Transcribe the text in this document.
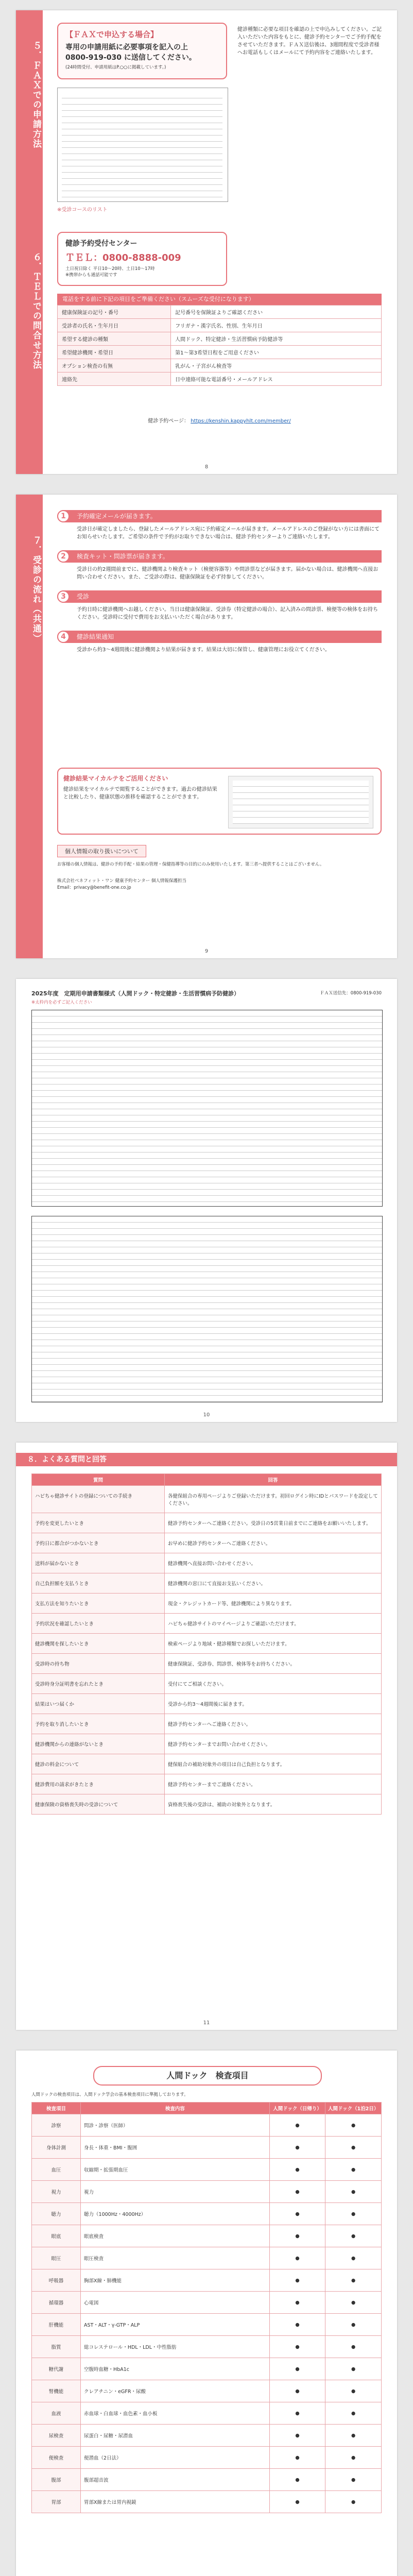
５．ＦＡＸでの申請方法
６．ＴＥＬでの問合せ方法
【ＦＡＸで申込する場合】
専用の申請用紙に必要事項を記入の上
0800-919-030 に送信してください。
(24時間受付、申請用紙はP.○○に掲載しています。)
健診種類に必要な項目を確認の上で申込みしてください。ご記入いただいた内容をもとに、健診予約センターでご予約手配をさせていただきます。ＦＡＸ送信後は、3週間程度で受診者様へお電話もしくはメールにて予約内容をご連絡いたします。
※受診コースのリスト
健診予約受付センター
ＴＥＬ：0800-8888-009
土日祝日除く 平日10～20時、土日10～17時
※携帯からも通話可能です
電話をする前に下記の項目をご準備ください（スムーズな受付になります）
健康保険証の記号・番号	記号番号を保険証よりご確認ください
受診者の氏名・生年月日	フリガナ・漢字氏名、性別、生年月日
希望する健診の種類	人間ドック、特定健診・生活習慣病予防健診等
希望健診機関・希望日	第1～第3希望日程をご用意ください
オプション検査の有無	乳がん・子宮がん検査等
連絡先	日中連絡可能な電話番号・メールアドレス
健診予約ページ： https://kenshin.kappyhlt.com/member/
8
７．受診の流れ（共通）
1	予約確定メールが届きます。
受診日が確定しましたら、登録したメールアドレス宛に予約確定メールが届きます。メールアドレスのご登録がない方には書面にてお知らせいたします。ご希望の条件で予約がお取りできない場合は、健診予約センターよりご連絡いたします。
2	検査キット・問診票が届きます。
受診日の約2週間前までに、健診機関より検査キット（検便容器等）や問診票などが届きます。届かない場合は、健診機関へ直接お問い合わせください。また、ご受診の際は、健康保険証を必ず持参してください。
3	受診
予約日時に健診機関へお越しください。当日は健康保険証、受診券（特定健診の場合）、記入済みの問診票、検便等の検体をお持ちください。受診時に受付で費用をお支払いいただく場合があります。
4	健診結果通知
受診から約3～4週間後に健診機関より結果が届きます。結果は大切に保管し、健康管理にお役立てください。
健診結果マイカルテをご活用ください
健診結果をマイカルテで閲覧することができます。過去の健診結果と比較したり、健康状態の推移を確認することができます。
個人情報の取り扱いについて
お客様の個人情報は、健診の予約手配・結果の管理・保健指導等の目的にのみ使用いたします。第三者へ提供することはございません。
株式会社ベネフィット・ワン 健康予約センター 個人情報保護担当
Email：privacy@benefit-one.co.jp
9
2025年度　定期用申請書類様式（人間ドック・特定健診・生活習慣病予防健診）	ＦＡＸ送信先：0800-919-030
※太枠内を必ずご記入ください
10
８．よくある質問と回答
質問	回答
ハピちゃ健診サイトの登録についての手続き	各健保組合の専用ページよりご登録いただけます。初回ログイン時にIDとパスワードを設定してください。
予約を変更したいとき	健診予約センターへご連絡ください。受診日の5営業日前までにご連絡をお願いいたします。
予約日に都合がつかないとき	お早めに健診予約センターへご連絡ください。
送料が届かないとき	健診機関へ直接お問い合わせください。
自己負担額を支払うとき	健診機関の窓口にて直接お支払いください。
支払方法を知りたいとき	現金・クレジットカード等、健診機関により異なります。
予約状況を確認したいとき	ハピちゃ健診サイトのマイページよりご確認いただけます。
健診機関を探したいとき	検索ページより地域・健診種類でお探しいただけます。
受診時の持ち物	健康保険証、受診券、問診票、検体等をお持ちください。
受診時身分証明書を忘れたとき	受付にてご相談ください。
結果はいつ届くか	受診から約3～4週間後に届きます。
予約を取り消したいとき	健診予約センターへご連絡ください。
健診機関からの連絡がないとき	健診予約センターまでお問い合わせください。
健診の料金について	健保組合の補助対象外の項目は自己負担となります。
健診費用の請求がきたとき	健診予約センターまでご連絡ください。
健康保険の資格喪失時の受診について	資格喪失後の受診は、補助の対象外となります。
11
人間ドック　検査項目
人間ドックの検査項目は、人間ドック学会の基本検査項目に準拠しております。
検査項目	検査内容	人間ドック（日帰り）	人間ドック（1泊2日）
診察	問診・診察（医師）	●	●
身体計測	身長・体重・BMI・腹囲	●	●
血圧	収縮期・拡張期血圧	●	●
視力	視力	●	●
聴力	聴力（1000Hz・4000Hz）	●	●
眼底	眼底検査	●	●
眼圧	眼圧検査	●	●
呼吸器	胸部X線・肺機能	●	●
循環器	心電図	●	●
肝機能	AST・ALT・γ-GTP・ALP	●	●
脂質	総コレステロール・HDL・LDL・中性脂肪	●	●
糖代謝	空腹時血糖・HbA1c	●	●
腎機能	クレアチニン・eGFR・尿酸	●	●
血液	赤血球・白血球・血色素・血小板	●	●
尿検査	尿蛋白・尿糖・尿潜血	●	●
便検査	便潜血（2日法）	●	●
腹部	腹部超音波	●	●
胃部	胃部X線または胃内視鏡	●	●
